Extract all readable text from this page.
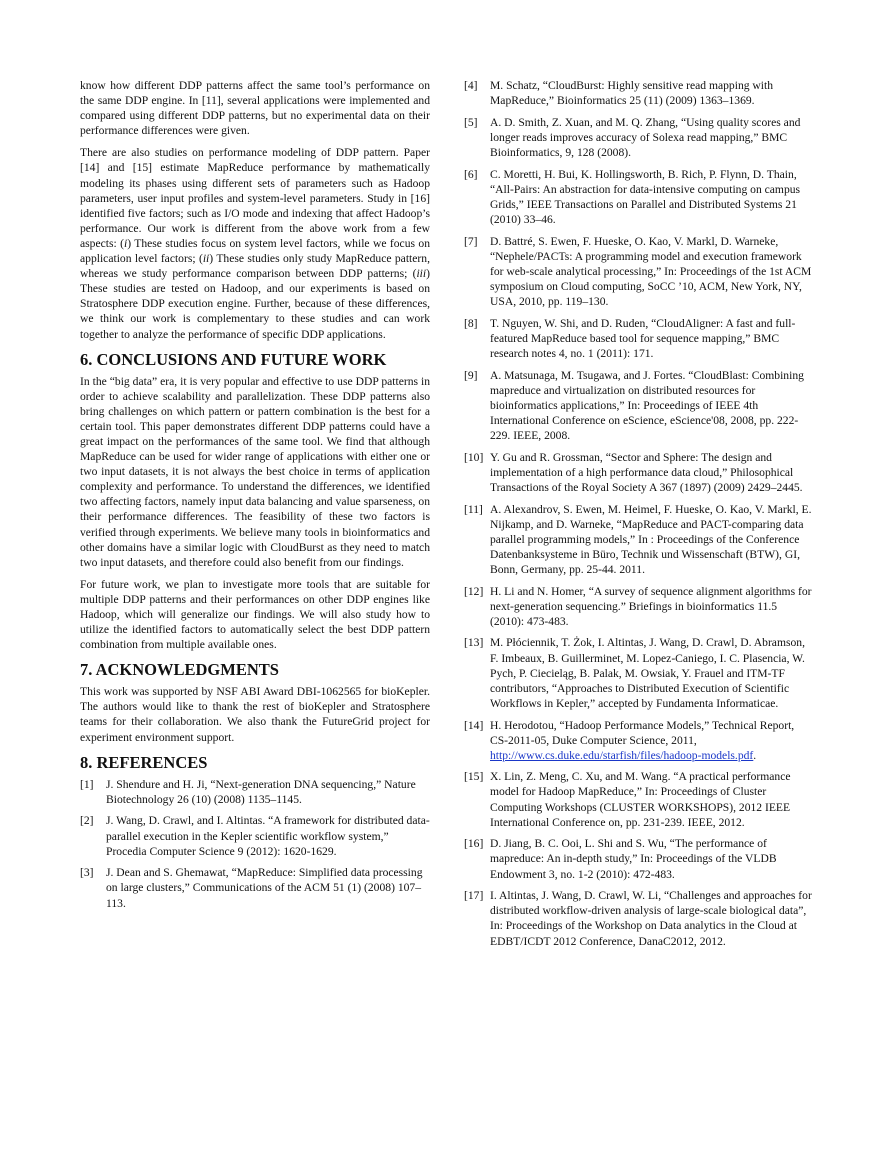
know how different DDP patterns affect the same tool’s performance on the same DDP engine. In [11], several applications were implemented and compared using different DDP patterns, but no experimental data on their performance differences were given.

There are also studies on performance modeling of DDP pattern. Paper [14] and [15] estimate MapReduce performance by mathematically modeling its phases using different sets of parameters such as Hadoop parameters, user input profiles and system-level parameters. Study in [16] identified five factors; such as I/O mode and indexing that affect Hadoop’s performance. Our work is different from the above work from a few aspects: (i) These studies focus on system level factors, while we focus on application level factors; (ii) These studies only study MapReduce pattern, whereas we study performance comparison between DDP patterns; (iii) These studies are tested on Hadoop, and our experiments is based on Stratosphere DDP execution engine. Further, because of these differences, we think our work is complementary to these studies and can work together to analyze the performance of specific DDP applications.

6. CONCLUSIONS AND FUTURE WORK

In the “big data” era, it is very popular and effective to use DDP patterns in order to achieve scalability and parallelization. These DDP patterns also bring challenges on which pattern or pattern combination is the best for a certain tool. This paper demonstrates different DDP patterns could have a great impact on the performances of the same tool. We find that although MapReduce can be used for wider range of applications with either one or two input datasets, it is not always the best choice in terms of application complexity and performance. To understand the differences, we identified two affecting factors, namely input data balancing and value sparseness, on their performance differences. The feasibility of these two factors is verified through experiments. We believe many tools in bioinformatics and other domains have a similar logic with CloudBurst as they need to match two input datasets, and therefore could also benefit from our findings.

For future work, we plan to investigate more tools that are suitable for multiple DDP patterns and their performances on other DDP engines like Hadoop, which will generalize our findings. We will also study how to utilize the identified factors to automatically select the best DDP pattern combination from multiple available ones.

7. ACKNOWLEDGMENTS

This work was supported by NSF ABI Award DBI-1062565 for bioKepler. The authors would like to thank the rest of bioKepler and Stratosphere teams for their collaboration. We also thank the FutureGrid project for experiment environment support.

8. REFERENCES
[1]	J. Shendure and H. Ji, “Next-generation DNA sequencing,” Nature Biotechnology 26 (10) (2008) 1135–1145.
[2]	J. Wang, D. Crawl, and I. Altintas. “A framework for distributed data-parallel execution in the Kepler scientific workflow system,” Procedia Computer Science 9 (2012): 1620-1629.
[3]	J. Dean and S. Ghemawat, “MapReduce: Simplified data processing on large clusters,” Communications of the ACM 51 (1) (2008) 107–113.
[4]	M. Schatz, “CloudBurst: Highly sensitive read mapping with MapReduce,” Bioinformatics 25 (11) (2009) 1363–1369.
[5]	A. D. Smith, Z. Xuan, and M. Q. Zhang, “Using quality scores and longer reads improves accuracy of Solexa read mapping,” BMC Bioinformatics, 9, 128 (2008).
[6]	C. Moretti, H. Bui, K. Hollingsworth, B. Rich, P. Flynn, D. Thain, “All-Pairs: An abstraction for data-intensive computing on campus Grids,” IEEE Transactions on Parallel and Distributed Systems 21 (2010) 33–46.
[7]	D. Battré, S. Ewen, F. Hueske, O. Kao, V. Markl, D. Warneke, “Nephele/PACTs: A programming model and execution framework for web-scale analytical processing,” In: Proceedings of the 1st ACM symposium on Cloud computing, SoCC ’10, ACM, New York, NY, USA, 2010, pp. 119–130.
[8]	T. Nguyen, W. Shi, and D. Ruden, “CloudAligner: A fast and full-featured MapReduce based tool for sequence mapping,” BMC research notes 4, no. 1 (2011): 171.
[9]	A. Matsunaga, M. Tsugawa, and J. Fortes. “CloudBlast: Combining mapreduce and virtualization on distributed resources for bioinformatics applications,” In: Proceedings of IEEE 4th International Conference on eScience, eScience'08, 2008, pp. 222-229. IEEE, 2008.
[10] Y. Gu and R. Grossman, “Sector and Sphere: The design and implementation of a high performance data cloud,” Philosophical Transactions of the Royal Society A 367 (1897) (2009) 2429–2445.
[11] A. Alexandrov, S. Ewen, M. Heimel, F. Hueske, O. Kao, V. Markl, E. Nijkamp, and D. Warneke, “MapReduce and PACT-comparing data parallel programming models,” In : Proceedings of the Conference Datenbanksysteme in Büro, Technik und Wissenschaft (BTW), GI, Bonn, Germany, pp. 25-44. 2011.
[12] H. Li and N. Homer, “A survey of sequence alignment algorithms for next-generation sequencing.” Briefings in bioinformatics 11.5 (2010): 473-483.
[13] M. Płóciennik, T. Żok, I. Altintas, J. Wang, D. Crawl, D. Abramson, F. Imbeaux, B. Guillerminet, M. Lopez-Caniego, I. C. Plasencia, W. Pych, P. Ciecieląg, B. Palak, M. Owsiak, Y. Frauel and ITM-TF contributors, “Approaches to Distributed Execution of Scientific Workflows in Kepler,” accepted by Fundamenta Informaticae.
[14] H. Herodotou, “Hadoop Performance Models,” Technical Report, CS-2011-05, Duke Computer Science, 2011, http://www.cs.duke.edu/starfish/files/hadoop-models.pdf.
[15] X. Lin, Z. Meng, C. Xu, and M. Wang. “A practical performance model for Hadoop MapReduce,” In: Proceedings of Cluster Computing Workshops (CLUSTER WORKSHOPS), 2012 IEEE International Conference on, pp. 231-239. IEEE, 2012.
[16] D. Jiang, B. C. Ooi, L. Shi and S. Wu, “The performance of mapreduce: An in-depth study,” In: Proceedings of the VLDB Endowment 3, no. 1-2 (2010): 472-483.
[17] I. Altintas, J. Wang, D. Crawl, W. Li, “Challenges and approaches for distributed workflow-driven analysis of large-scale biological data”, In: Proceedings of the Workshop on Data analytics in the Cloud at EDBT/ICDT 2012 Conference, DanaC2012, 2012.
